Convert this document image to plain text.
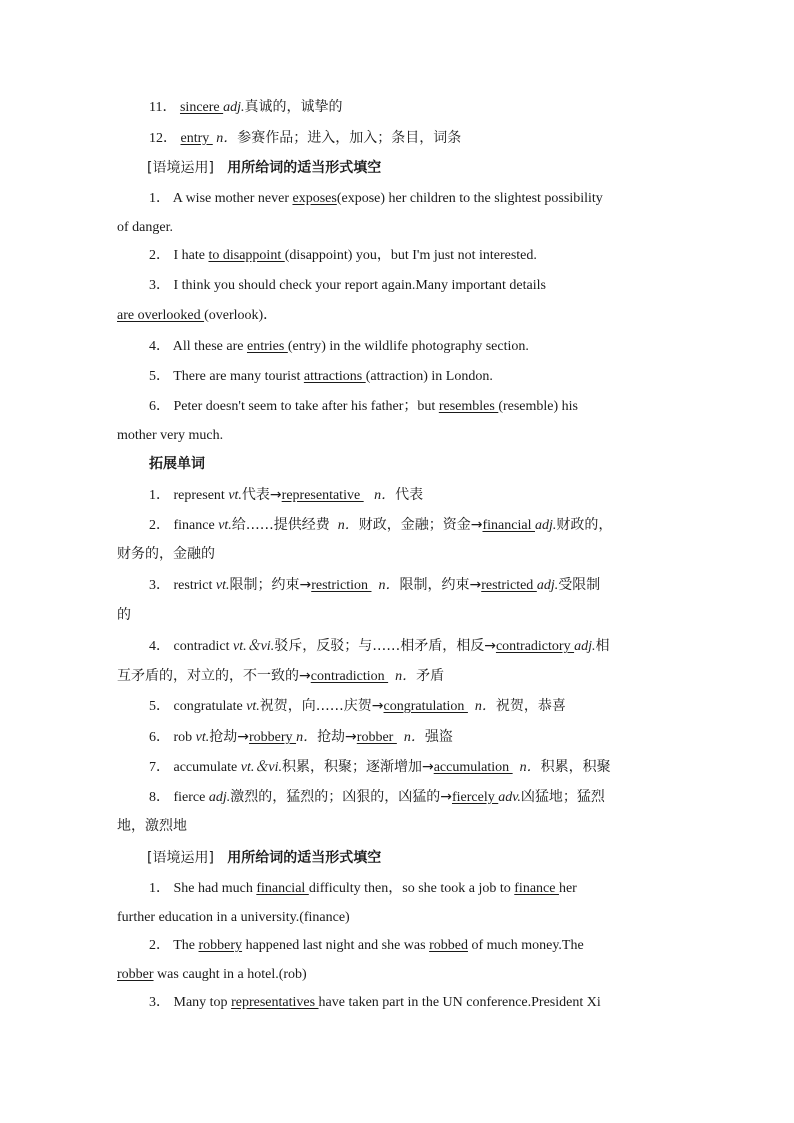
11． sincere adj.真诚的，诚挚的
12． entry  n．参赛作品；进入，加入；条目，词条
[语境运用] 用所给词的适当形式填空
1． A wise mother never exposes(expose) her children to the slightest possibility
of danger.
2． I hate to disappoint (disappoint) you，but I'm just not interested.
3． I think you should check your report again.Many important details
are overlooked (overlook)．
4． All these are entries (entry) in the wildlife photography section.
5． There are many tourist attractions (attraction) in London.
6． Peter doesn't seem to take after his father；but resembles (resemble) his
mother very much.
拓展单词
1． represent vt.代表→representative    n．代表
2． finance vt.给……提供经费  n．财政，金融；资金→financial adj.财政的，
财务的，金融的
3． restrict vt.限制；约束→restriction   n．限制，约束→restricted adj.受限制
的
4． contradict vt.＆vi.驳斥，反驳；与……相矛盾，相反→contradictory adj.相
互矛盾的，对立的，不一致的→contradiction   n．矛盾
5． congratulate vt.祝贺，向……庆贺→congratulation   n．祝贺，恭喜
6． rob vt.抢劫→robbery n．抢劫→robber   n．强盗
7． accumulate vt.＆vi.积累，积聚；逐渐增加→accumulation   n．积累，积聚
8． fierce adj.激烈的，猛烈的；凶狠的，凶猛的→fiercely adv.凶猛地；猛烈
地，激烈地
[语境运用] 用所给词的适当形式填空
1． She had much financial difficulty then，so she took a job to finance her
further education in a university.(finance)
2． The robbery happened last night and she was robbed of much money.The
robber was caught in a hotel.(rob)
3． Many top representatives have taken part in the UN conference.President Xi
